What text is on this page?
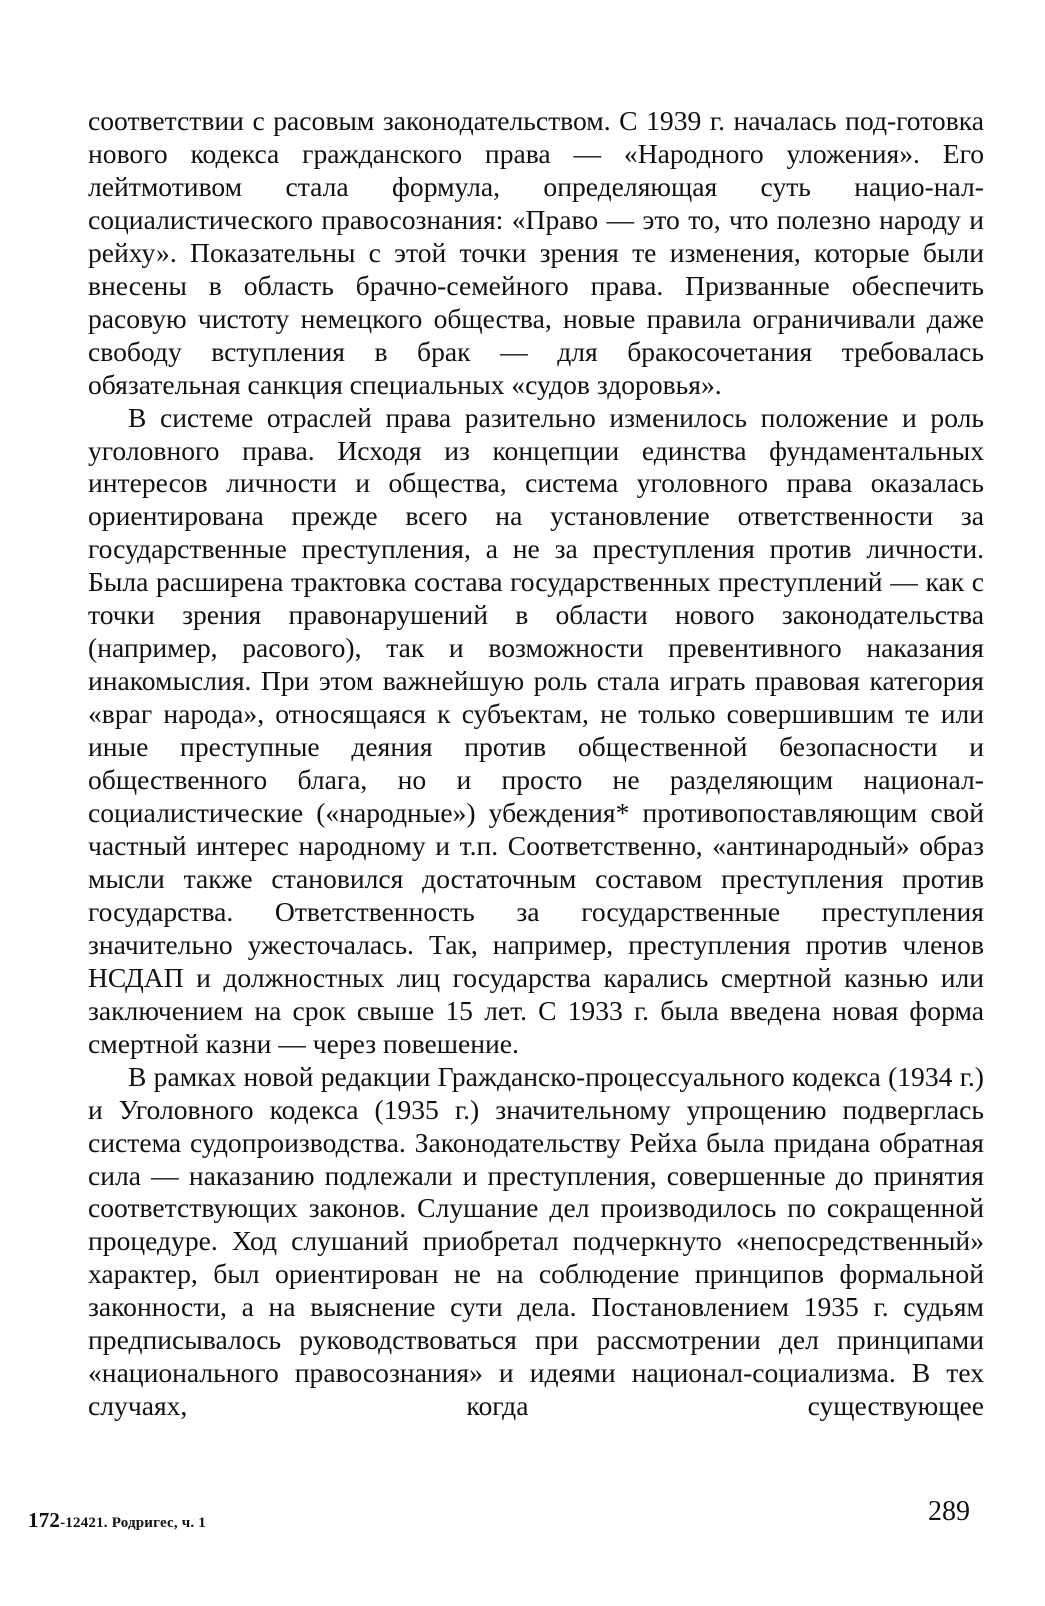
соответствии с расовым законодательством. С 1939 г. началась под-готовка нового кодекса гражданского права — «Народного уложения». Его лейтмотивом стала формула, определяющая суть нацио-нал-социалистического правосознания: «Право — это то, что полезно народу и рейху». Показательны с этой точки зрения те изменения, которые были внесены в область брачно-семейного права. Призванные обеспечить расовую чистоту немецкого общества, новые правила ограничивали даже свободу вступления в брак — для бракосочетания требовалась обязательная санкция специальных «судов здоровья».

В системе отраслей права разительно изменилось положение и роль уголовного права. Исходя из концепции единства фундаментальных интересов личности и общества, система уголовного права оказалась ориентирована прежде всего на установление ответственности за государственные преступления, а не за преступления против личности. Была расширена трактовка состава государственных преступлений — как с точки зрения правонарушений в области нового законодательства (например, расового), так и возможности превентивного наказания инакомыслия. При этом важнейшую роль стала играть правовая категория «враг народа», относящаяся к субъектам, не только совершившим те или иные преступные деяния против общественной безопасности и общественного блага, но и просто не разделяющим национал-социалистические («народные») убеждения* противопоставляющим свой частный интерес народному и т.п. Соответственно, «антинародный» образ мысли также становился достаточным составом преступления против государства. Ответственность за государственные преступления значительно ужесточалась. Так, например, преступления против членов НСДАП и должностных лиц государства карались смертной казнью или заключением на срок свыше 15 лет. С 1933 г. была введена новая форма смертной казни — через повешение.

В рамках новой редакции Гражданско-процессуального кодекса (1934 г.) и Уголовного кодекса (1935 г.) значительному упрощению подверглась система судопроизводства. Законодательству Рейха была придана обратная сила — наказанию подлежали и преступления, совершенные до принятия соответствующих законов. Слушание дел производилось по сокращенной процедуре. Ход слушаний приобретал подчеркнуто «непосредственный» характер, был ориентирован не на соблюдение принципов формальной законности, а на выяснение сути дела. Постановлением 1935 г. судьям предписывалось руководствоваться при рассмотрении дел принципами «национального правосознания» и идеями национал-социализма. В тех случаях, когда существующее

172-12421. Родригес, ч. 1	289
